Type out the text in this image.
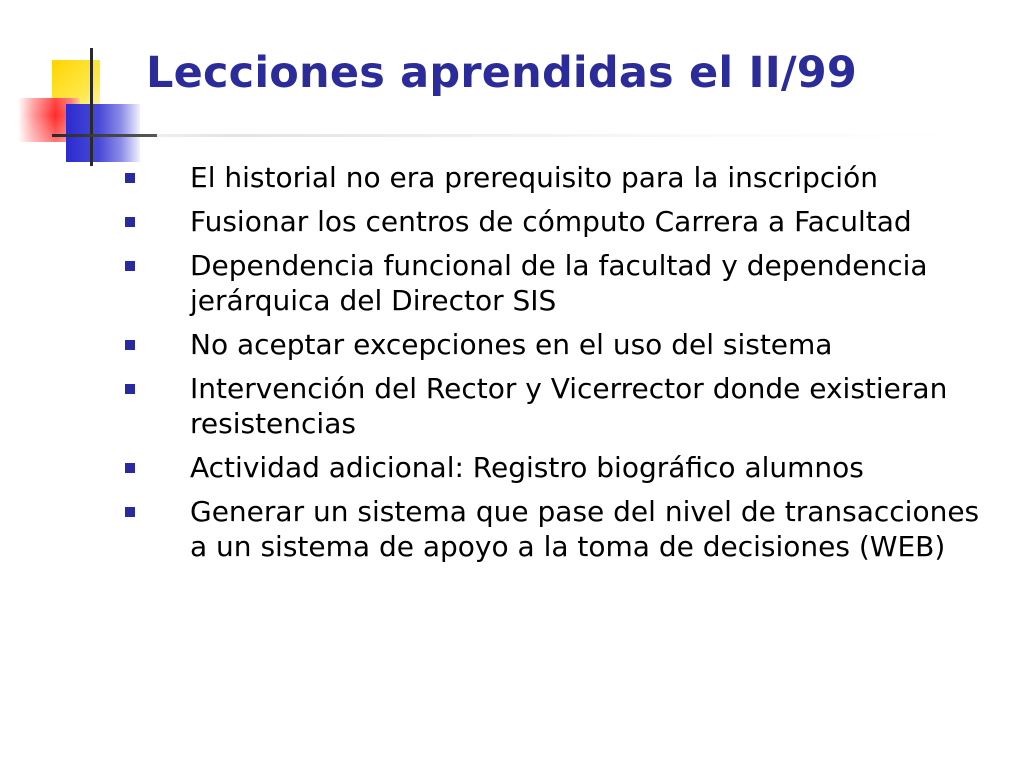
Lecciones aprendidas el II/99
El historial no era prerequisito para la inscripción
Fusionar los centros de cómputo Carrera a Facultad
Dependencia funcional de la facultad y dependencia jerárquica del Director SIS
No aceptar excepciones en el uso del sistema
Intervención del Rector y Vicerrector donde existieran resistencias
Actividad adicional: Registro biográfico alumnos
Generar un sistema que pase del nivel de transacciones a un sistema de apoyo a la toma de decisiones (WEB)
